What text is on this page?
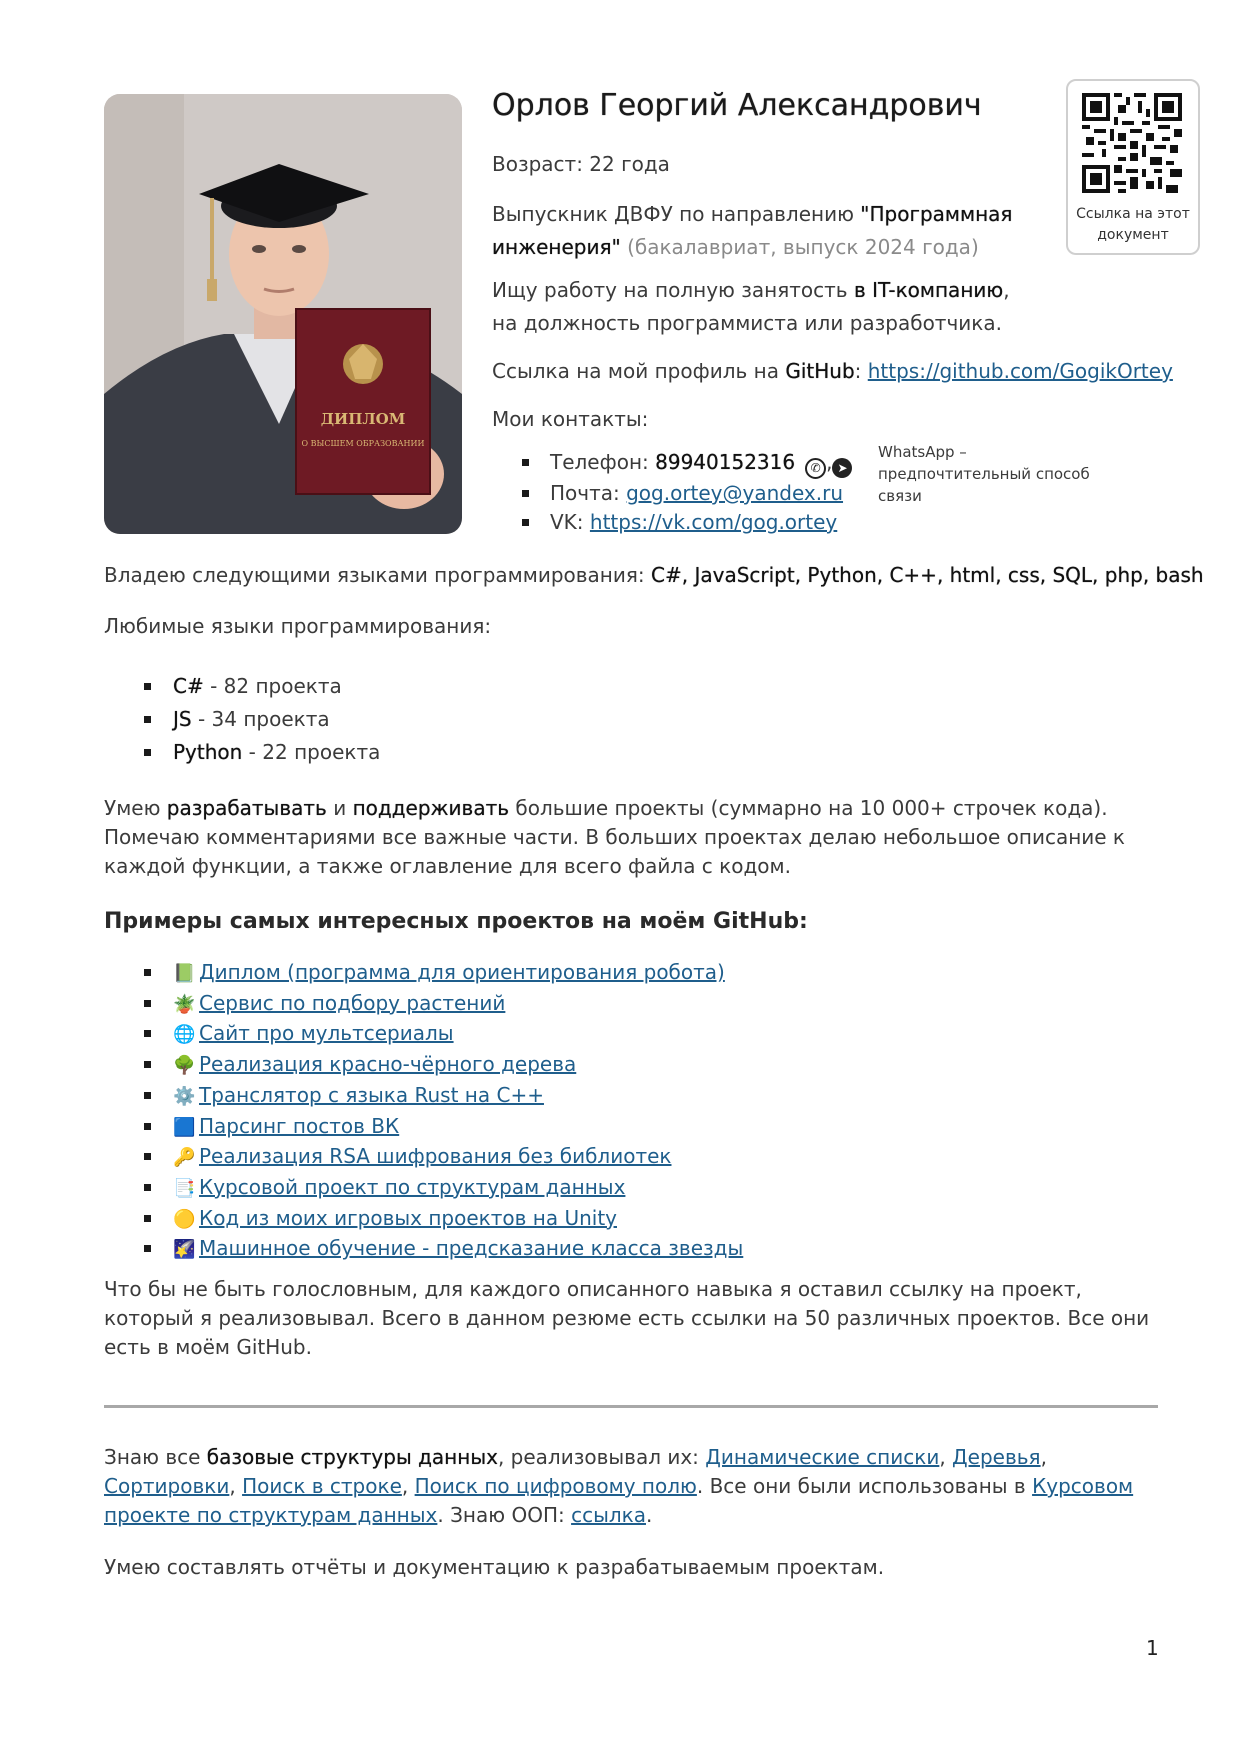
ДИПЛОМ
О ВЫСШЕМ ОБРАЗОВАНИИ
Орлов Георгий Александрович

Возраст: 22 года

Выпускник ДВФУ по направлению "Программная инженерия" (бакалавриат, выпуск 2024 года)

Ищу работу на полную занятость в IT-компанию,
на должность программиста или разработчика.

Ссылка на мой профиль на GitHub: https://github.com/GogikOrtey

Мои контакты:

Телефон: 89940152316 ✆ , ➤
Почта: gog.ortey@yandex.ru
VK: https://vk.com/gog.ortey
WhatsApp – предпочтительный способ связи
Ссылка на этот документ

Владею следующими языками программирования: C#, JavaScript, Python, C++, html, css, SQL, php, bash

Любимые языки программирования:

C# - 82 проекта
JS - 34 проекта
Python - 22 проекта

Умею разрабатывать и поддерживать большие проекты (суммарно на 10 000+ строчек кода). Помечаю комментариями все важные части. В больших проектах делаю небольшое описание к каждой функции, а также оглавление для всего файла с кодом.

Примеры самых интересных проектов на моём GitHub:
📗 Диплом (программа для ориентирования робота)
🪴 Сервис по подбору растений
🌐 Сайт про мультсериалы
🌳 Реализация красно-чёрного дерева
⚙️ Транслятор с языка Rust на C++
🟦 Парсинг постов ВК
🔑 Реализация RSA шифрования без библиотек
📑 Курсовой проект по структурам данных
🟡 Код из моих игровых проектов на Unity
🌠 Машинное обучение - предсказание класса звезды

Что бы не быть голословным, для каждого описанного навыка я оставил ссылку на проект, который я реализовывал. Всего в данном резюме есть ссылки на 50 различных проектов. Все они есть в моём GitHub.

Знаю все базовые структуры данных, реализовывал их: Динамические списки, Деревья, Сортировки, Поиск в строке, Поиск по цифровому полю. Все они были использованы в Курсовом проекте по структурам данных. Знаю ООП: ссылка.

Умею составлять отчёты и документацию к разрабатываемым проектам.

1
